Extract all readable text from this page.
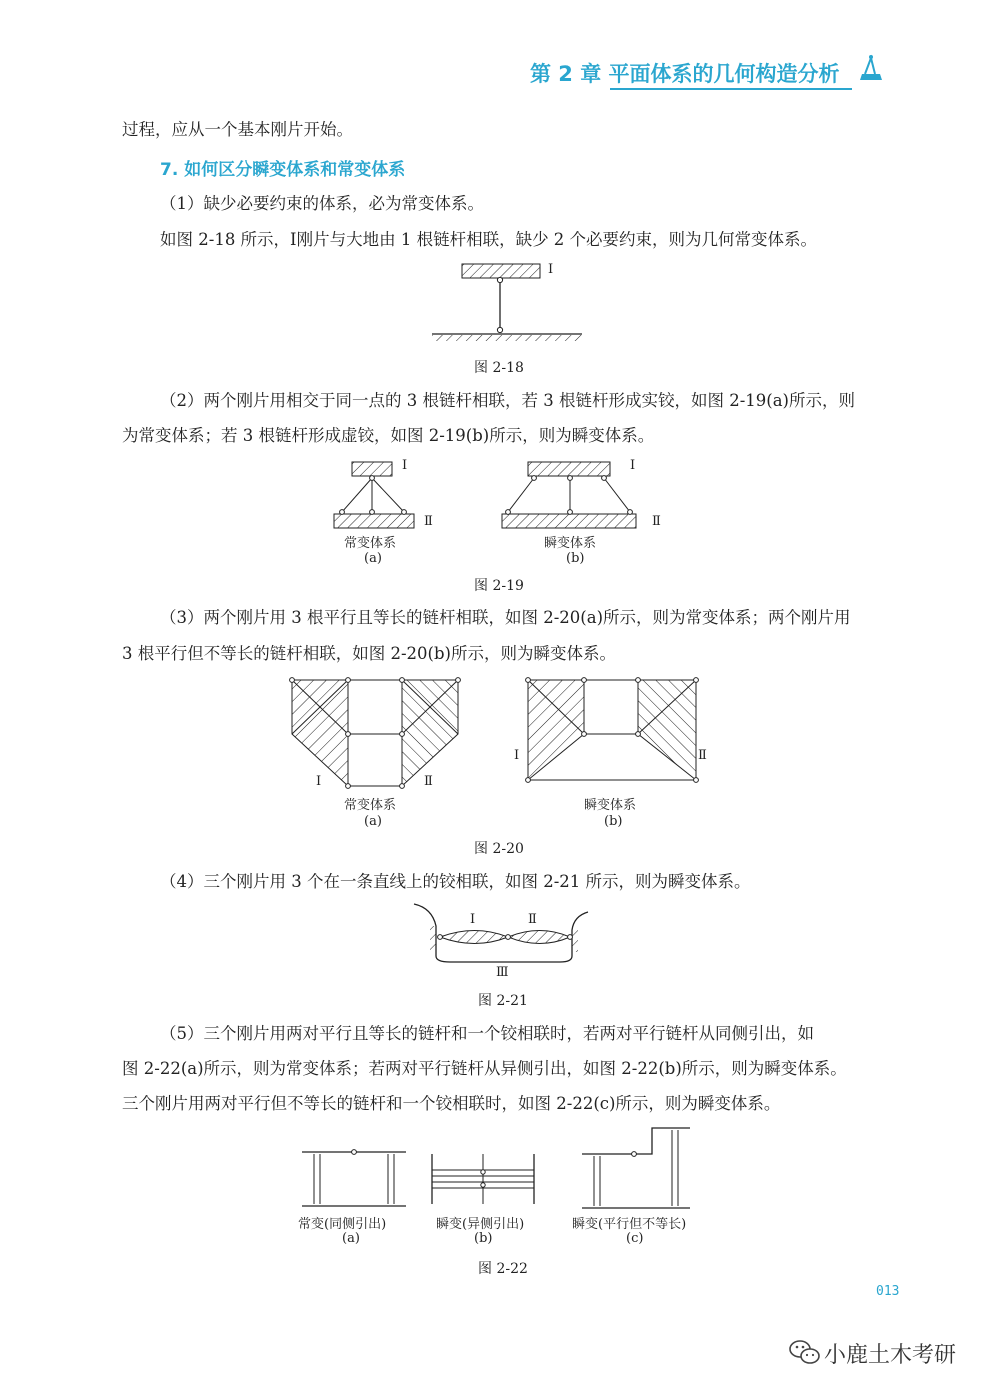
第 2 章 平面体系的几何构造分析
过程，应从一个基本刚片开始。
7. 如何区分瞬变体系和常变体系
（1）缺少必要约束的体系，必为常变体系。
如图 2-18 所示，Ⅰ刚片与大地由 1 根链杆相联，缺少 2 个必要约束，则为几何常变体系。
Ⅰ
图 2-18
（2）两个刚片用相交于同一点的 3 根链杆相联，若 3 根链杆形成实铰，如图 2-19(a)所示，则
为常变体系；若 3 根链杆形成虚铰，如图 2-19(b)所示，则为瞬变体系。
Ⅰ
Ⅱ
常变体系
(a)
Ⅰ
Ⅱ
瞬变体系
(b)
图 2-19
（3）两个刚片用 3 根平行且等长的链杆相联，如图 2-20(a)所示，则为常变体系；两个刚片用
3 根平行但不等长的链杆相联，如图 2-20(b)所示，则为瞬变体系。
Ⅰ	Ⅱ
常变体系
(a)
Ⅰ	Ⅱ
瞬变体系
(b)
图 2-20
（4）三个刚片用 3 个在一条直线上的铰相联，如图 2-21 所示，则为瞬变体系。
Ⅰ	Ⅱ
Ⅲ
图 2-21
（5）三个刚片用两对平行且等长的链杆和一个铰相联时，若两对平行链杆从同侧引出，如
图 2-22(a)所示，则为常变体系；若两对平行链杆从异侧引出，如图 2-22(b)所示，则为瞬变体系。
三个刚片用两对平行但不等长的链杆和一个铰相联时，如图 2-22(c)所示，则为瞬变体系。
常变(同侧引出)
(a)
瞬变(异侧引出)
(b)
瞬变(平行但不等长)
(c)
图 2-22
013
小鹿土木考研
